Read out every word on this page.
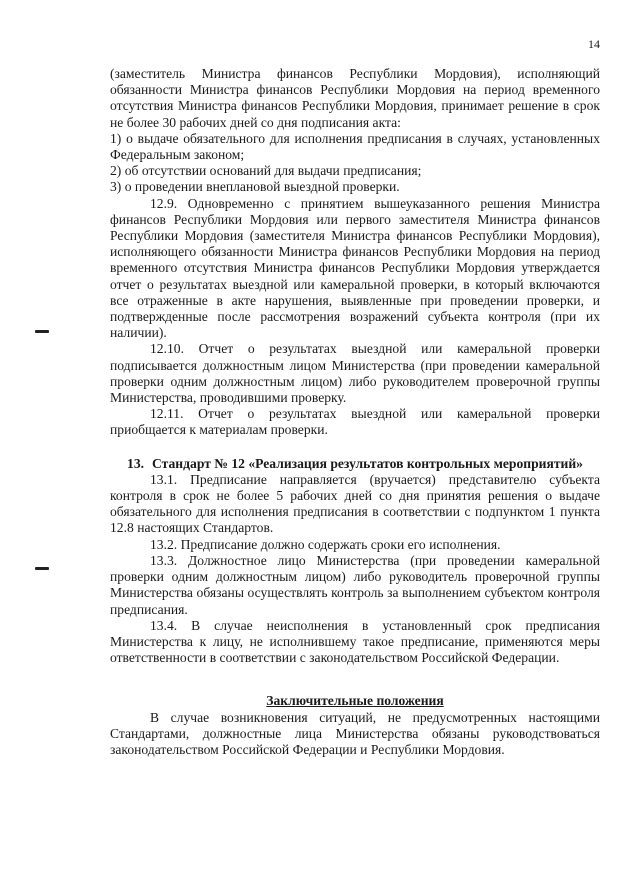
14

(заместитель Министра финансов Республики Мордовия), исполняющий обязанности Министра финансов Республики Мордовия на период временного отсутствия Министра финансов Республики Мордовия, принимает решение в срок не более 30 рабочих дней со дня подписания акта:

1) о выдаче обязательного для исполнения предписания в случаях, установленных Федеральным законом;

2) об отсутствии оснований для выдачи предписания;

3) о проведении внеплановой выездной проверки.

12.9. Одновременно с принятием вышеуказанного решения Министра финансов Республики Мордовия или первого заместителя Министра финансов Республики Мордовия (заместителя Министра финансов Республики Мордовия), исполняющего обязанности Министра финансов Республики Мордовия на период временного отсутствия Министра финансов Республики Мордовия утверждается отчет о результатах выездной или камеральной проверки, в который включаются все отраженные в акте нарушения, выявленные при проведении проверки, и подтвержденные после рассмотрения возражений субъекта контроля (при их наличии).

12.10. Отчет о результатах выездной или камеральной проверки подписывается должностным лицом Министерства (при проведении камеральной проверки одним должностным лицом) либо руководителем проверочной группы Министерства, проводившими проверку.

12.11. Отчет о результатах выездной или камеральной проверки приобщается к материалам проверки.

13. Стандарт № 12 «Реализация результатов контрольных мероприятий»

13.1. Предписание направляется (вручается) представителю субъекта контроля в срок не более 5 рабочих дней со дня принятия решения о выдаче обязательного для исполнения предписания в соответствии с подпунктом 1 пункта 12.8 настоящих Стандартов.

13.2. Предписание должно содержать сроки его исполнения.

13.3. Должностное лицо Министерства (при проведении камеральной проверки одним должностным лицом) либо руководитель проверочной группы Министерства обязаны осуществлять контроль за выполнением субъектом контроля предписания.

13.4. В случае неисполнения в установленный срок предписания Министерства к лицу, не исполнившему такое предписание, применяются меры ответственности в соответствии с законодательством Российской Федерации.

Заключительные положения

В случае возникновения ситуаций, не предусмотренных настоящими Стандартами, должностные лица Министерства обязаны руководствоваться законодательством Российской Федерации и Республики Мордовия.
